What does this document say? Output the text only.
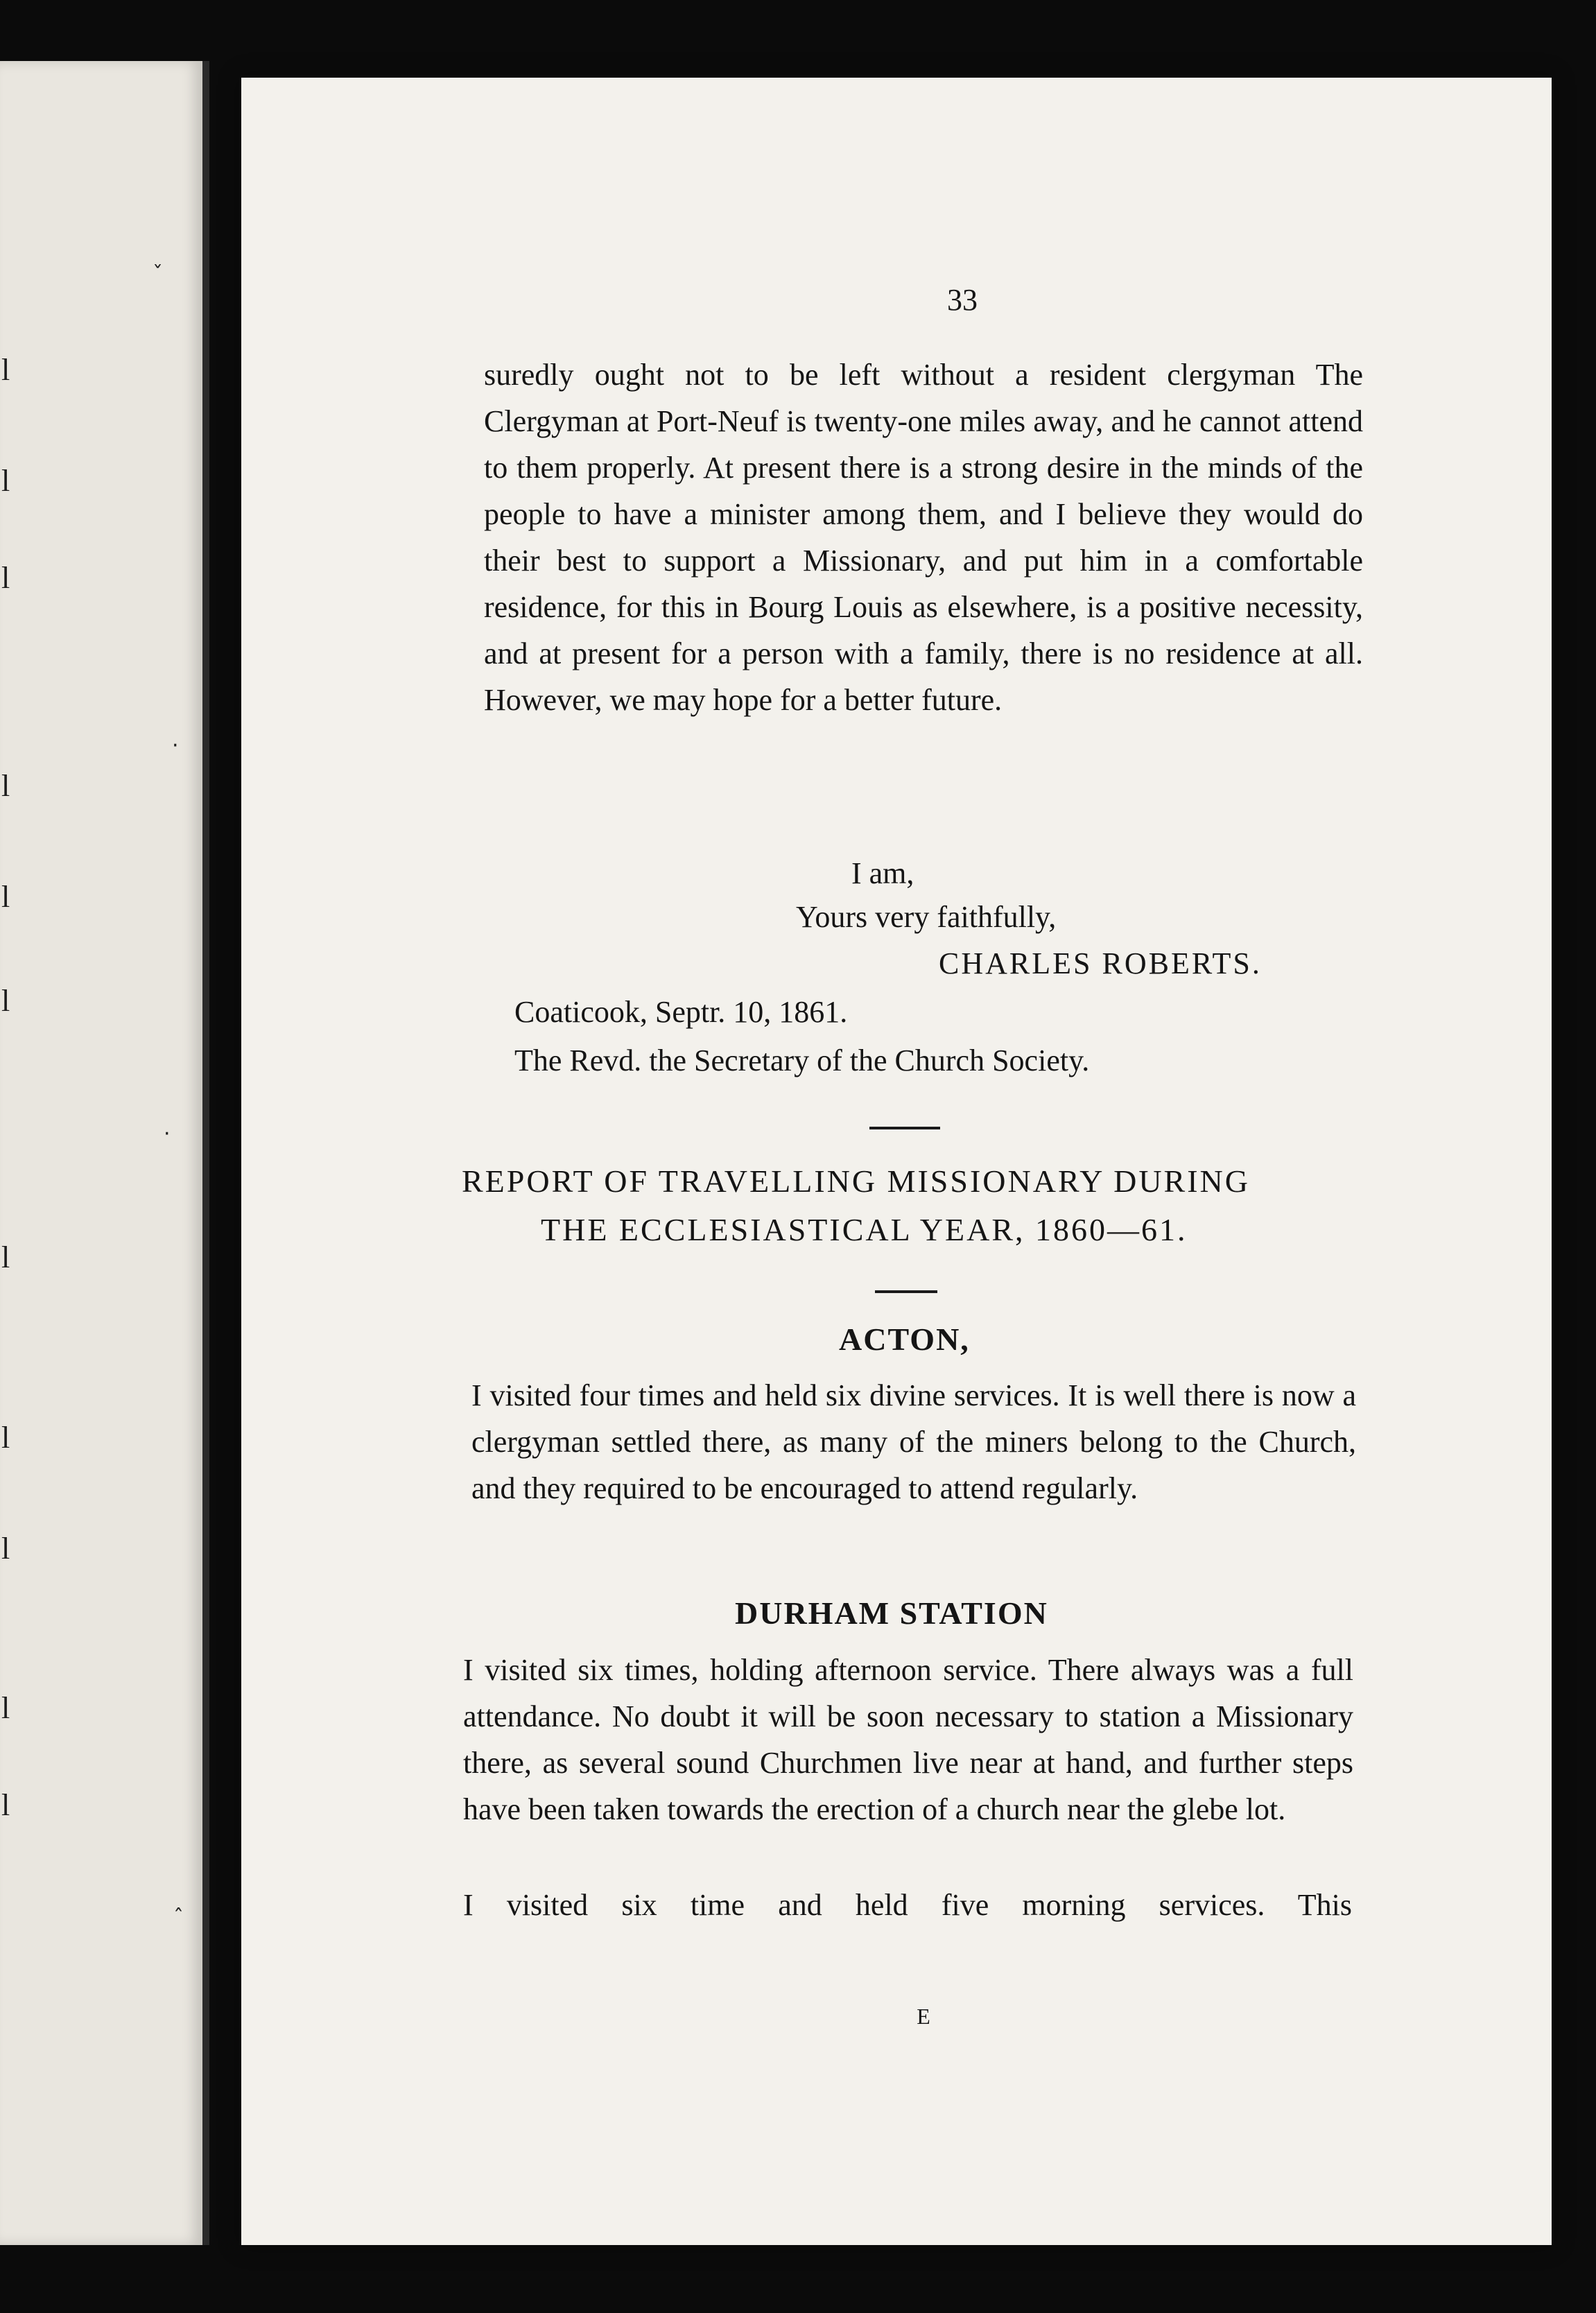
l
l
l
l
l
l
l
l
l
l
l
ˇ
·
·
ˆ
33

suredly ought not to be left without a resident clergyman The Clergyman at Port-Neuf is twenty-one miles away, and he cannot attend to them properly. At present there is a strong desire in the minds of the people to have a minister among them, and I believe they would do their best to support a Missionary, and put him in a comfortable residence, for this in Bourg Louis as elsewhere, is a positive necessity, and at present for a person with a family, there is no residence at all. However, we may hope for a better future.

I am,
Yours very faithfully,
CHARLES ROBERTS.
Coaticook, Septr. 10, 1861.
The Revd. the Secretary of the Church Society.
REPORT OF TRAVELLING MISSIONARY DURING
THE ECCLESIASTICAL YEAR, 1860—61.
ACTON,

I visited four times and held six divine services. It is well there is now a clergyman settled there, as many of the miners belong to the Church, and they required to be encouraged to attend regularly.

DURHAM STATION

I visited six times, holding afternoon service. There always was a full attendance. No doubt it will be soon necessary to station a Missionary there, as several sound Churchmen live near at hand, and further steps have been taken towards the erection of a church near the glebe lot.

I visited six time and held five morning services. This
E
